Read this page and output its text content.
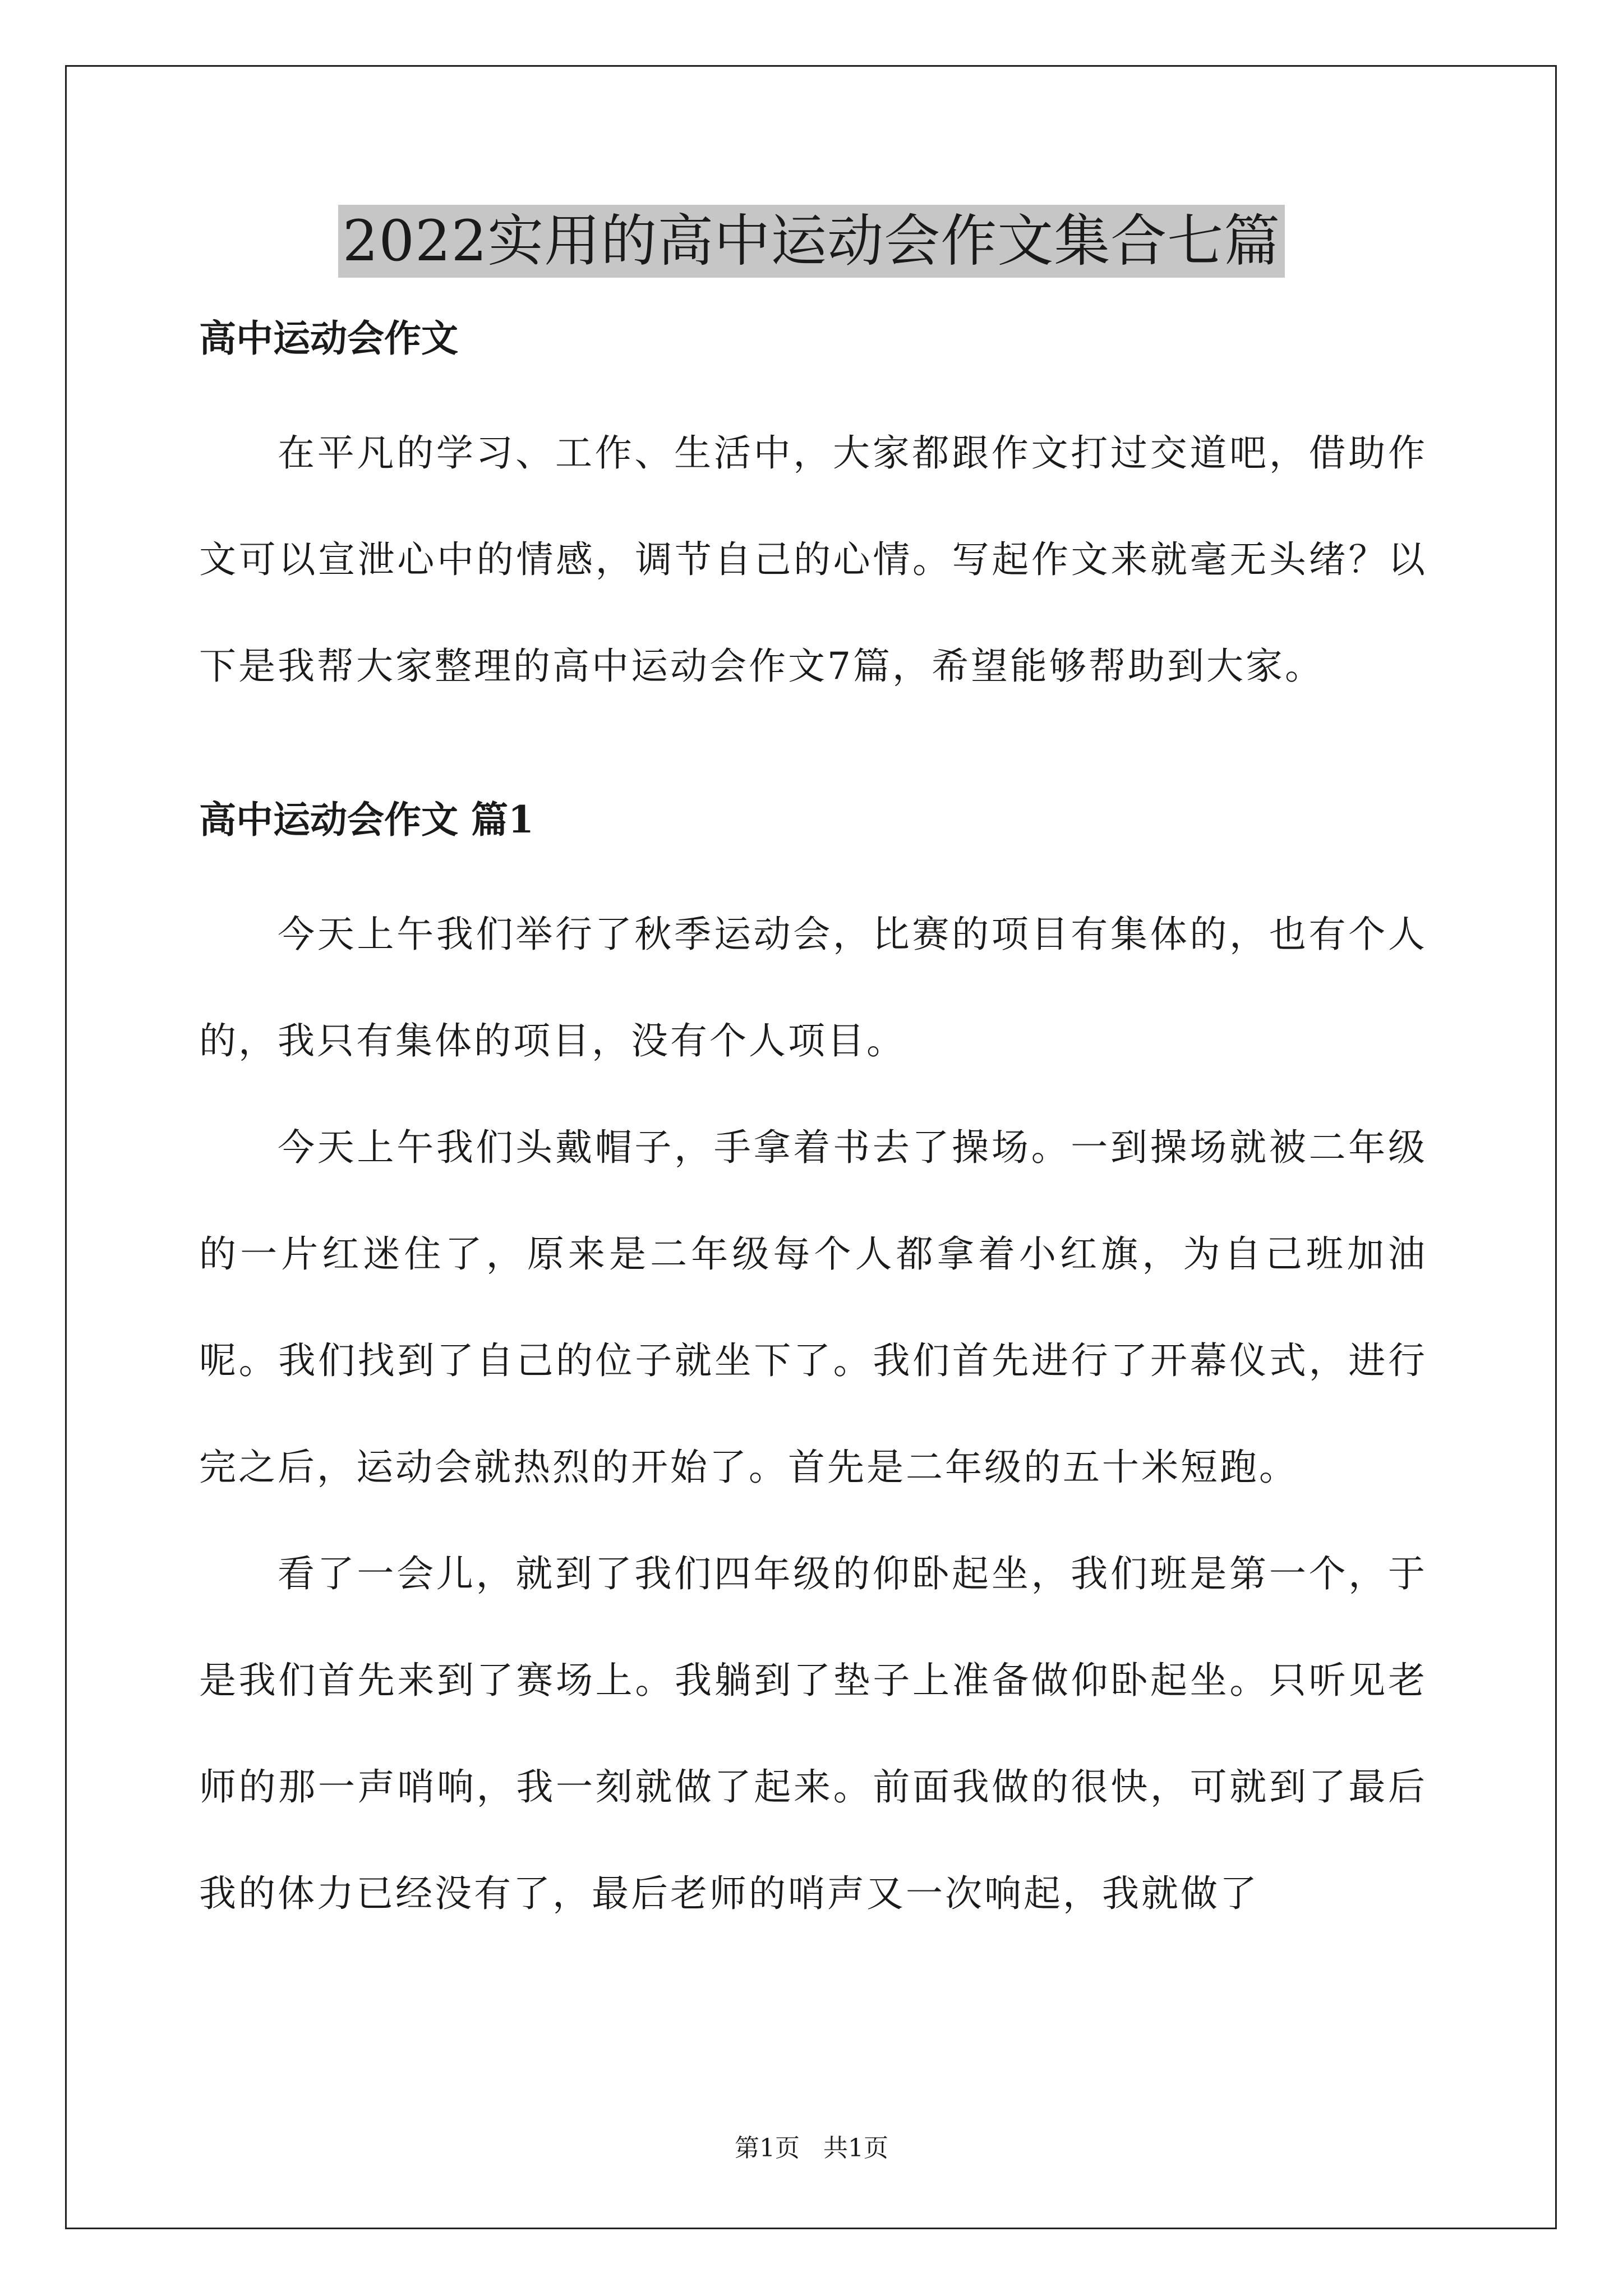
2022实用的高中运动会作文集合七篇
高中运动会作文

在平凡的学习、工作、生活中，大家都跟作文打过交道吧，借助作文可以宣泄心中的情感，调节自己的心情。写起作文来就毫无头绪？以下是我帮大家整理的高中运动会作文7篇，希望能够帮助到大家。

高中运动会作文 篇1

今天上午我们举行了秋季运动会，比赛的项目有集体的，也有个人的，我只有集体的项目，没有个人项目。

今天上午我们头戴帽子，手拿着书去了操场。一到操场就被二年级的一片红迷住了，原来是二年级每个人都拿着小红旗，为自己班加油呢。我们找到了自己的位子就坐下了。我们首先进行了开幕仪式，进行完之后，运动会就热烈的开始了。首先是二年级的五十米短跑。

看了一会儿，就到了我们四年级的仰卧起坐，我们班是第一个，于是我们首先来到了赛场上。我躺到了垫子上准备做仰卧起坐。只听见老师的那一声哨响，我一刻就做了起来。前面我做的很快，可就到了最后我的体力已经没有了，最后老师的哨声又一次响起，我就做了

第1页   共1页
